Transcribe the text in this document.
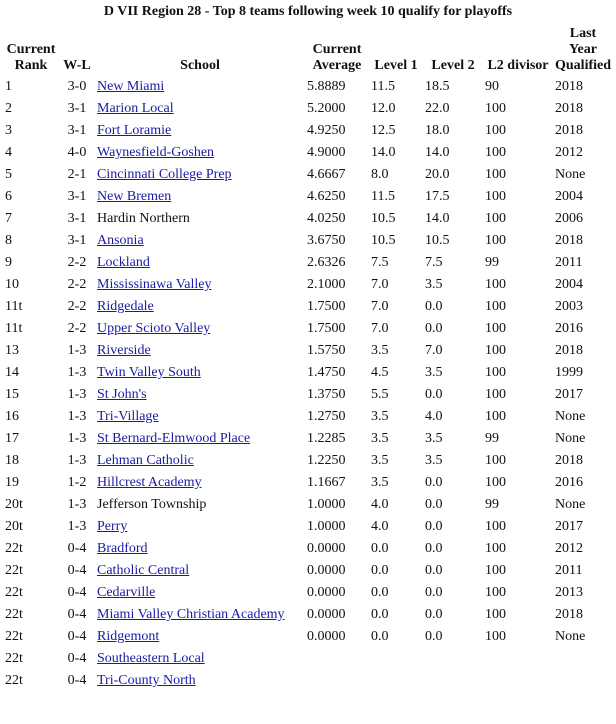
D VII Region 28 - Top 8 teams following week 10 qualify for playoffs
Current Rank	W-L	School	Current Average	Level 1	Level 2	L2 divisor	Last Year Qualified
1	3-0	New Miami	5.8889	11.5	18.5	90	2018
2	3-1	Marion Local	5.2000	12.0	22.0	100	2018
3	3-1	Fort Loramie	4.9250	12.5	18.0	100	2018
4	4-0	Waynesfield-Goshen	4.9000	14.0	14.0	100	2012
5	2-1	Cincinnati College Prep	4.6667	8.0	20.0	100	None
6	3-1	New Bremen	4.6250	11.5	17.5	100	2004
7	3-1	Hardin Northern	4.0250	10.5	14.0	100	2006
8	3-1	Ansonia	3.6750	10.5	10.5	100	2018
9	2-2	Lockland	2.6326	7.5	7.5	99	2011
10	2-2	Mississinawa Valley	2.1000	7.0	3.5	100	2004
11t	2-2	Ridgedale	1.7500	7.0	0.0	100	2003
11t	2-2	Upper Scioto Valley	1.7500	7.0	0.0	100	2016
13	1-3	Riverside	1.5750	3.5	7.0	100	2018
14	1-3	Twin Valley South	1.4750	4.5	3.5	100	1999
15	1-3	St John's	1.3750	5.5	0.0	100	2017
16	1-3	Tri-Village	1.2750	3.5	4.0	100	None
17	1-3	St Bernard-Elmwood Place	1.2285	3.5	3.5	99	None
18	1-3	Lehman Catholic	1.2250	3.5	3.5	100	2018
19	1-2	Hillcrest Academy	1.1667	3.5	0.0	100	2016
20t	1-3	Jefferson Township	1.0000	4.0	0.0	99	None
20t	1-3	Perry	1.0000	4.0	0.0	100	2017
22t	0-4	Bradford	0.0000	0.0	0.0	100	2012
22t	0-4	Catholic Central	0.0000	0.0	0.0	100	2011
22t	0-4	Cedarville	0.0000	0.0	0.0	100	2013
22t	0-4	Miami Valley Christian Academy	0.0000	0.0	0.0	100	2018
22t	0-4	Ridgemont	0.0000	0.0	0.0	100	None
22t	0-4	Southeastern Local					
22t	0-4	Tri-County North					
